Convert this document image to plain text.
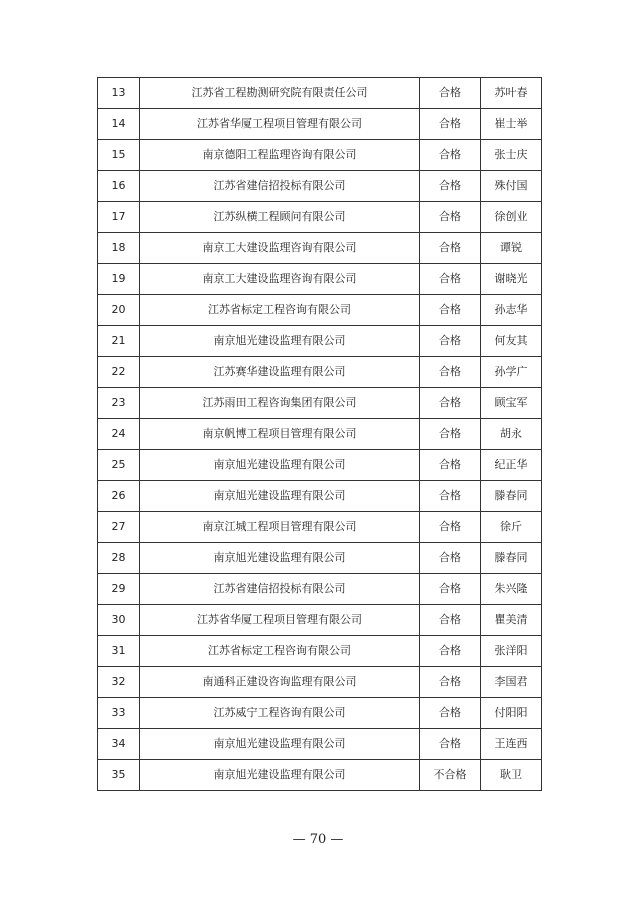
13	江苏省工程勘测研究院有限责任公司	合格	苏叶春
14	江苏省华厦工程项目管理有限公司	合格	崔士举
15	南京德阳工程监理咨询有限公司	合格	张士庆
16	江苏省建信招投标有限公司	合格	殊付国
17	江苏纵横工程顾问有限公司	合格	徐创业
18	南京工大建设监理咨询有限公司	合格	谭锐
19	南京工大建设监理咨询有限公司	合格	谢晓光
20	江苏省标定工程咨询有限公司	合格	孙志华
21	南京旭光建设监理有限公司	合格	何友其
22	江苏赛华建设监理有限公司	合格	孙学广
23	江苏雨田工程咨询集团有限公司	合格	顾宝军
24	南京帆博工程项目管理有限公司	合格	胡永
25	南京旭光建设监理有限公司	合格	纪正华
26	南京旭光建设监理有限公司	合格	滕春同
27	南京江城工程项目管理有限公司	合格	徐斤
28	南京旭光建设监理有限公司	合格	滕春同
29	江苏省建信招投标有限公司	合格	朱兴隆
30	江苏省华厦工程项目管理有限公司	合格	瞿美清
31	江苏省标定工程咨询有限公司	合格	张洋阳
32	南通科正建设咨询监理有限公司	合格	李国君
33	江苏威宁工程咨询有限公司	合格	付阳阳
34	南京旭光建设监理有限公司	合格	王连西
35	南京旭光建设监理有限公司	不合格	耿卫
— 70 —
